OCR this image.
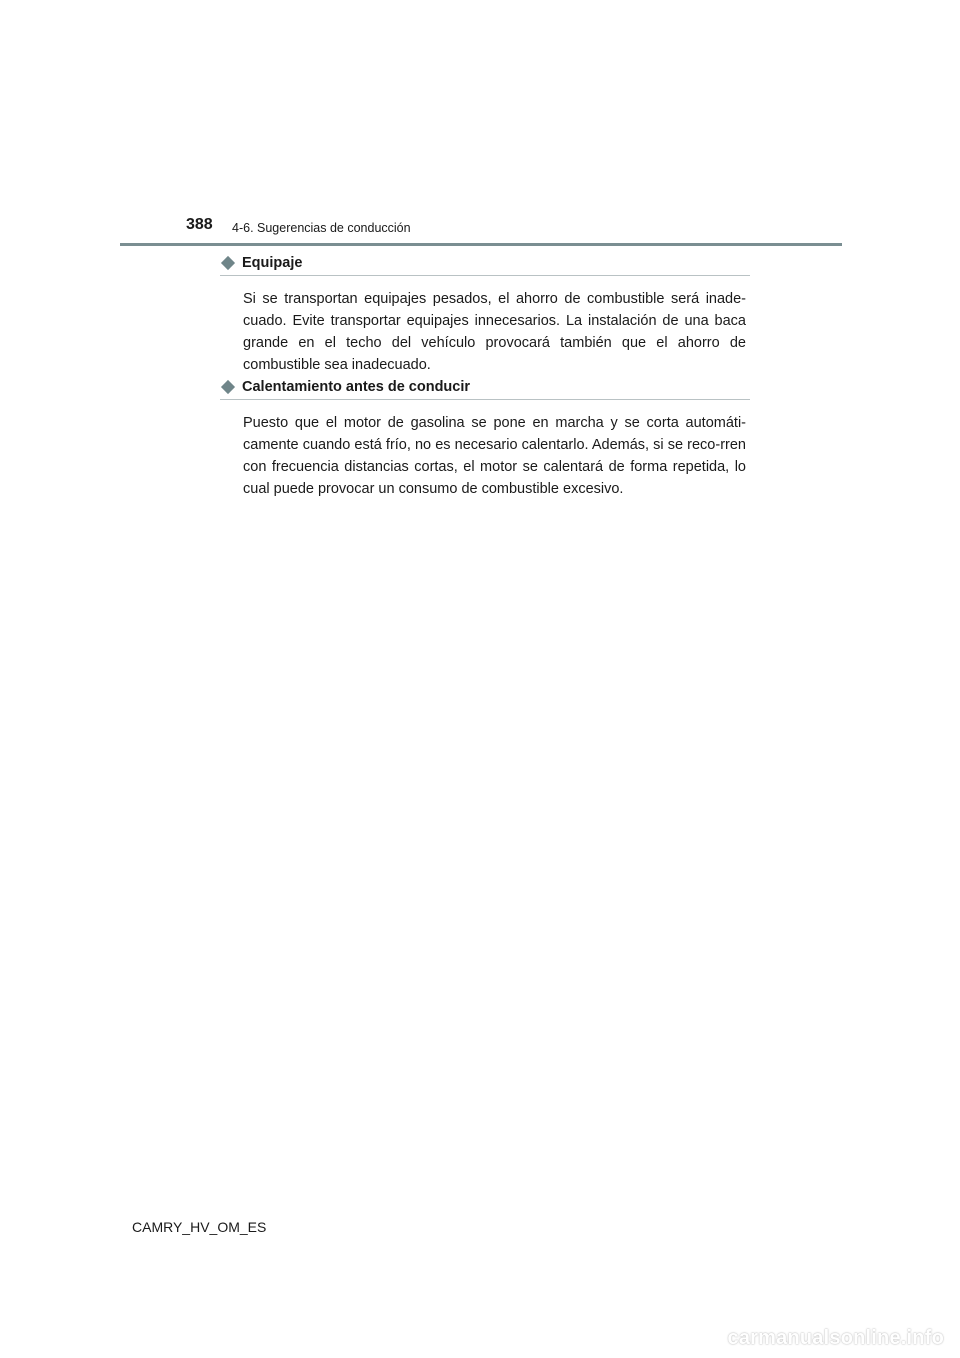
388 4-6. Sugerencias de conducción
Equipaje

Si se transportan equipajes pesados, el ahorro de combustible será inade-cuado. Evite transportar equipajes innecesarios. La instalación de una baca grande en el techo del vehículo provocará también que el ahorro de combustible sea inadecuado.

Calentamiento antes de conducir

Puesto que el motor de gasolina se pone en marcha y se corta automáti-camente cuando está frío, no es necesario calentarlo. Además, si se reco-rren con frecuencia distancias cortas, el motor se calentará de forma repetida, lo cual puede provocar un consumo de combustible excesivo.

CAMRY_HV_OM_ES
carmanualsonline.info
